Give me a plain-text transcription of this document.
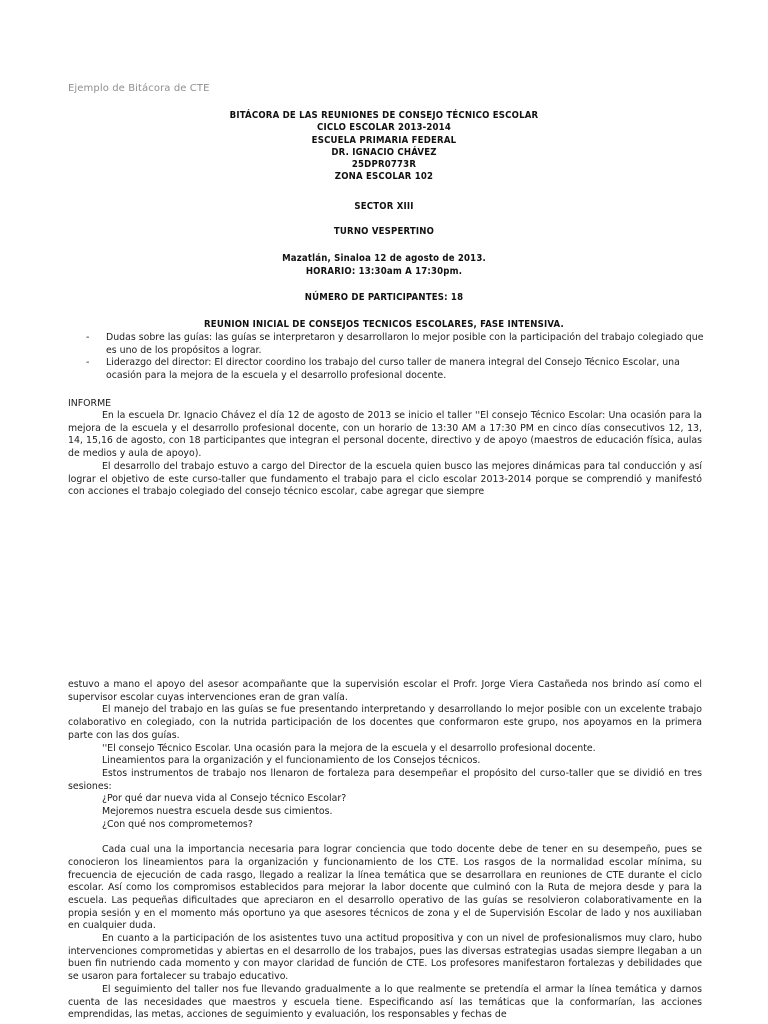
Ejemplo de Bitácora de CTE
BITÁCORA DE LAS REUNIONES DE CONSEJO TÉCNICO ESCOLAR
CICLO ESCOLAR 2013-2014
ESCUELA PRIMARIA FEDERAL
DR. IGNACIO CHÁVEZ
25DPR0773R
ZONA ESCOLAR 102
SECTOR XIII
TURNO VESPERTINO
Mazatlán, Sinaloa 12 de agosto de 2013.
HORARIO: 13:30am A 17:30pm.
NÚMERO DE PARTICIPANTES: 18
REUNION INICIAL DE CONSEJOS TECNICOS ESCOLARES, FASE INTENSIVA.
- Dudas sobre las guías: las guías se interpretaron y desarrollaron lo mejor posible con la participación del trabajo colegiado que es uno de los propósitos a lograr.
- Liderazgo del director: El director coordino los trabajo del curso taller de manera integral del Consejo Técnico Escolar, una ocasión para la mejora de la escuela y el desarrollo profesional docente.
INFORME

En la escuela Dr. Ignacio Chávez el día 12 de agosto de 2013 se inicio el taller ''El consejo Técnico Escolar: Una ocasión para la mejora de la escuela y el desarrollo profesional docente, con un horario de 13:30 AM a 17:30 PM en cinco días consecutivos 12, 13, 14, 15,16 de agosto, con 18 participantes que integran el personal docente, directivo y de apoyo (maestros de educación física, aulas de medios y aula de apoyo).

El desarrollo del trabajo estuvo a cargo del Director de la escuela quien busco las mejores dinámicas para tal conducción y así lograr el objetivo de este curso-taller que fundamento el trabajo para el ciclo escolar 2013-2014 porque se comprendió y manifestó con acciones el trabajo colegiado del consejo técnico escolar, cabe agregar que siempre

estuvo a mano el apoyo del asesor acompañante que la supervisión escolar el Profr. Jorge Viera Castañeda nos brindo así como el supervisor escolar cuyas intervenciones eran de gran valía.

El manejo del trabajo en las guías se fue presentando interpretando y desarrollando lo mejor posible con un excelente trabajo colaborativo en colegiado, con la nutrida participación de los docentes que conformaron este grupo, nos apoyamos en la primera parte con las dos guías.

''El consejo Técnico Escolar. Una ocasión para la mejora de la escuela y el desarrollo profesional docente.

Lineamientos para la organización y el funcionamiento de los Consejos técnicos.

Estos instrumentos de trabajo nos llenaron de fortaleza para desempeñar el propósito del curso-taller que se dividió en tres sesiones:

¿Por qué dar nueva vida al Consejo técnico Escolar?

Mejoremos nuestra escuela desde sus cimientos.

¿Con qué nos comprometemos?

Cada cual una la importancia necesaria para lograr conciencia que todo docente debe de tener en su desempeño, pues se conocieron los lineamientos para la organización y funcionamiento de los CTE. Los rasgos de la normalidad escolar mínima, su frecuencia de ejecución de cada rasgo, llegado a realizar la línea temática que se desarrollara en reuniones de CTE durante el ciclo escolar. Así como los compromisos establecidos para mejorar la labor docente que culminó con la Ruta de mejora desde y para la escuela. Las pequeñas dificultades que apreciaron en el desarrollo operativo de las guías se resolvieron colaborativamente en la propia sesión y en el momento más oportuno ya que asesores técnicos de zona y el de Supervisión Escolar de lado y nos auxiliaban en cualquier duda.

En cuanto a la participación de los asistentes tuvo una actitud propositiva y con un nivel de profesionalismos muy claro, hubo intervenciones comprometidas y abiertas en el desarrollo de los trabajos, pues las diversas estrategias usadas siempre llegaban a un buen fin nutriendo cada momento y con mayor claridad de función de CTE. Los profesores manifestaron fortalezas y debilidades que se usaron para fortalecer su trabajo educativo.

El seguimiento del taller nos fue llevando gradualmente a lo que realmente se pretendía el armar la línea temática y darnos cuenta de las necesidades que maestros y escuela tiene. Especificando así las temáticas que la conformarían, las acciones emprendidas, las metas, acciones de seguimiento y evaluación, los responsables y fechas de
